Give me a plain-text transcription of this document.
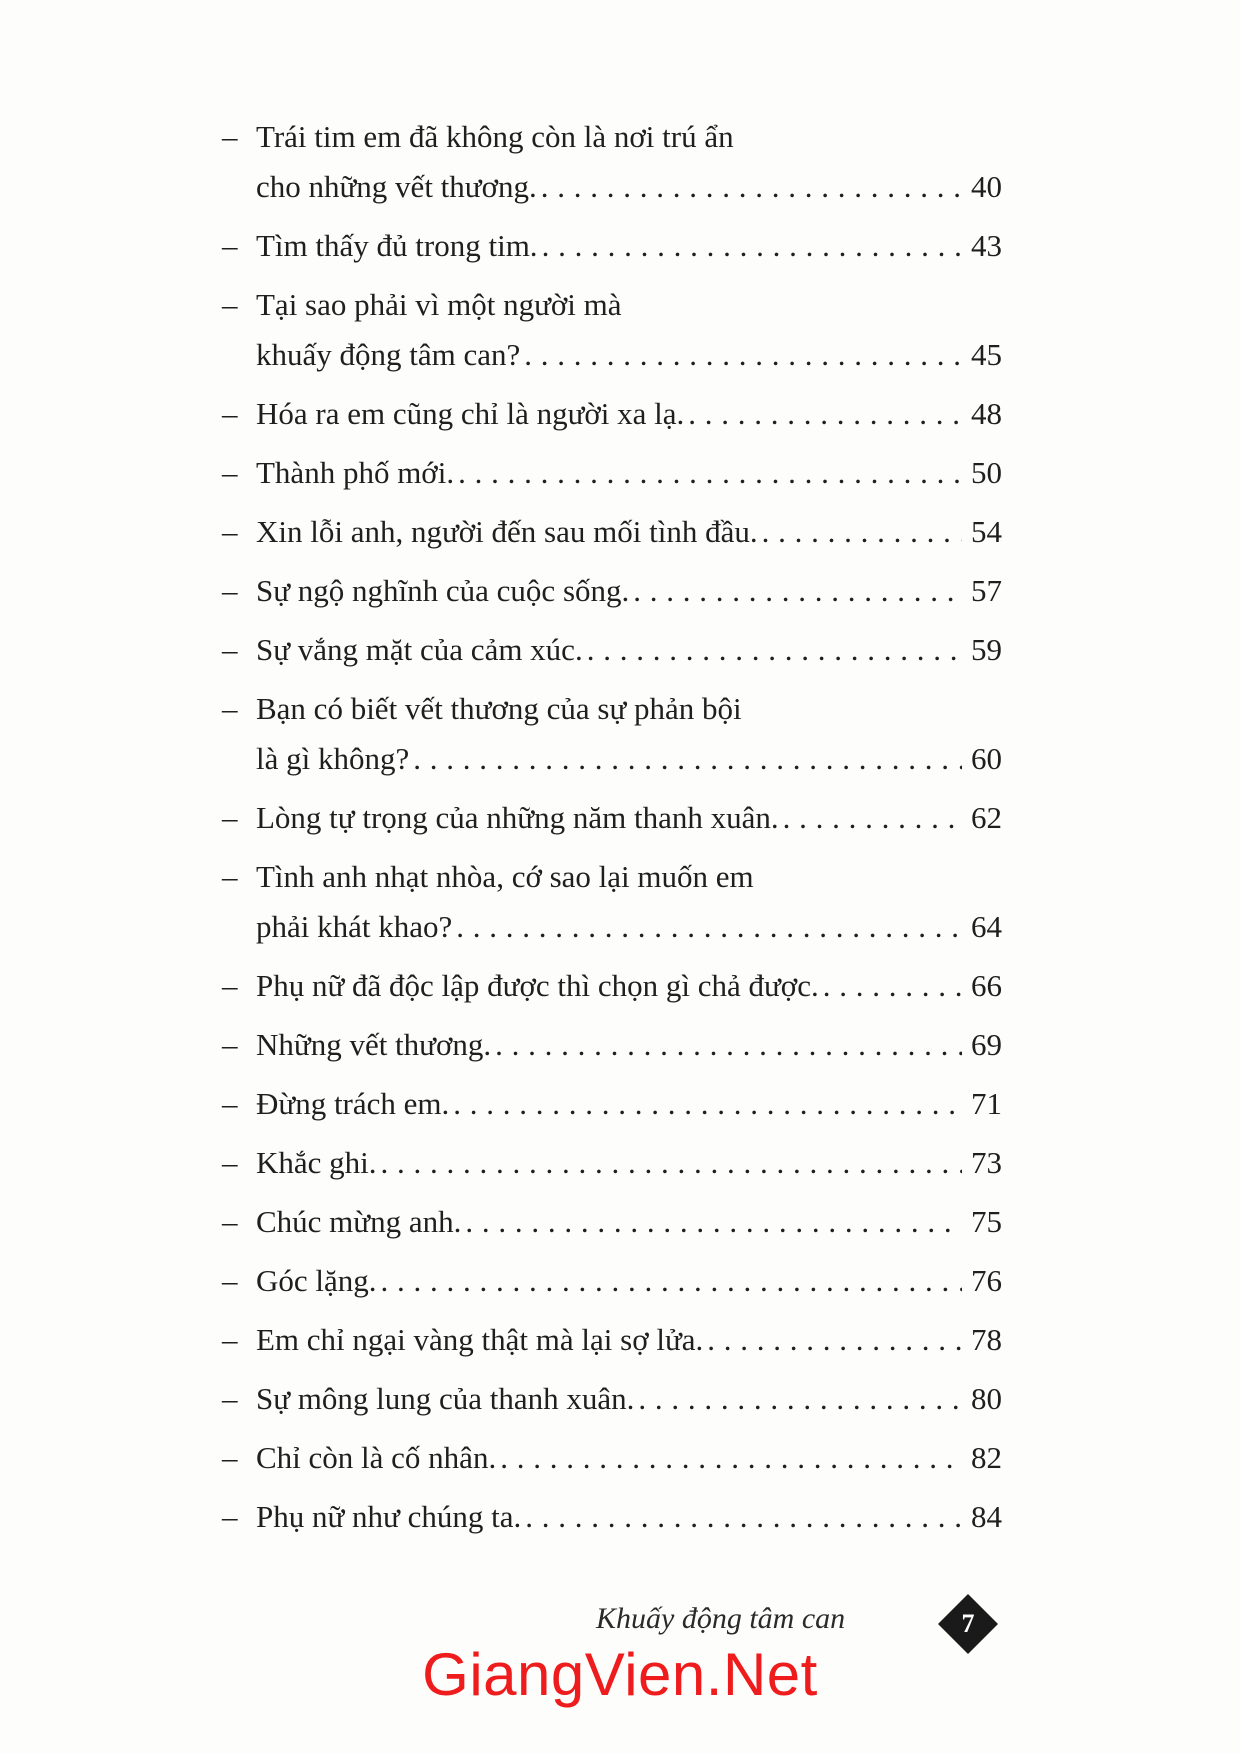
– Trái tim em đã không còn là nơi trú ẩn
cho những vết thương. . . .	40
– Tìm thấy đủ trong tim. . . .	43
– Tại sao phải vì một người mà
khuấy động tâm can? . . .	45
– Hóa ra em cũng chỉ là người xa lạ. . . .	48
– Thành phố mới. . . .	50
– Xin lỗi anh, người đến sau mối tình đầu. . . .	54
– Sự ngộ nghĩnh của cuộc sống. . . .	57
– Sự vắng mặt của cảm xúc. . . .	59
– Bạn có biết vết thương của sự phản bội
là gì không? . . .	60
– Lòng tự trọng của những năm thanh xuân. . . .	62
– Tình anh nhạt nhòa, cớ sao lại muốn em
phải khát khao? . . .	64
– Phụ nữ đã độc lập được thì chọn gì chả được. . . .	66
– Những vết thương. . . .	69
– Đừng trách em. . . .	71
– Khắc ghi. . . .	73
– Chúc mừng anh. . . .	75
– Góc lặng. . . .	76
– Em chỉ ngại vàng thật mà lại sợ lửa. . . .	78
– Sự mông lung của thanh xuân. . . .	80
– Chỉ còn là cố nhân. . . .	82
– Phụ nữ như chúng ta. . . .	84
Khuấy động tâm can	7
GiangVien.Net
